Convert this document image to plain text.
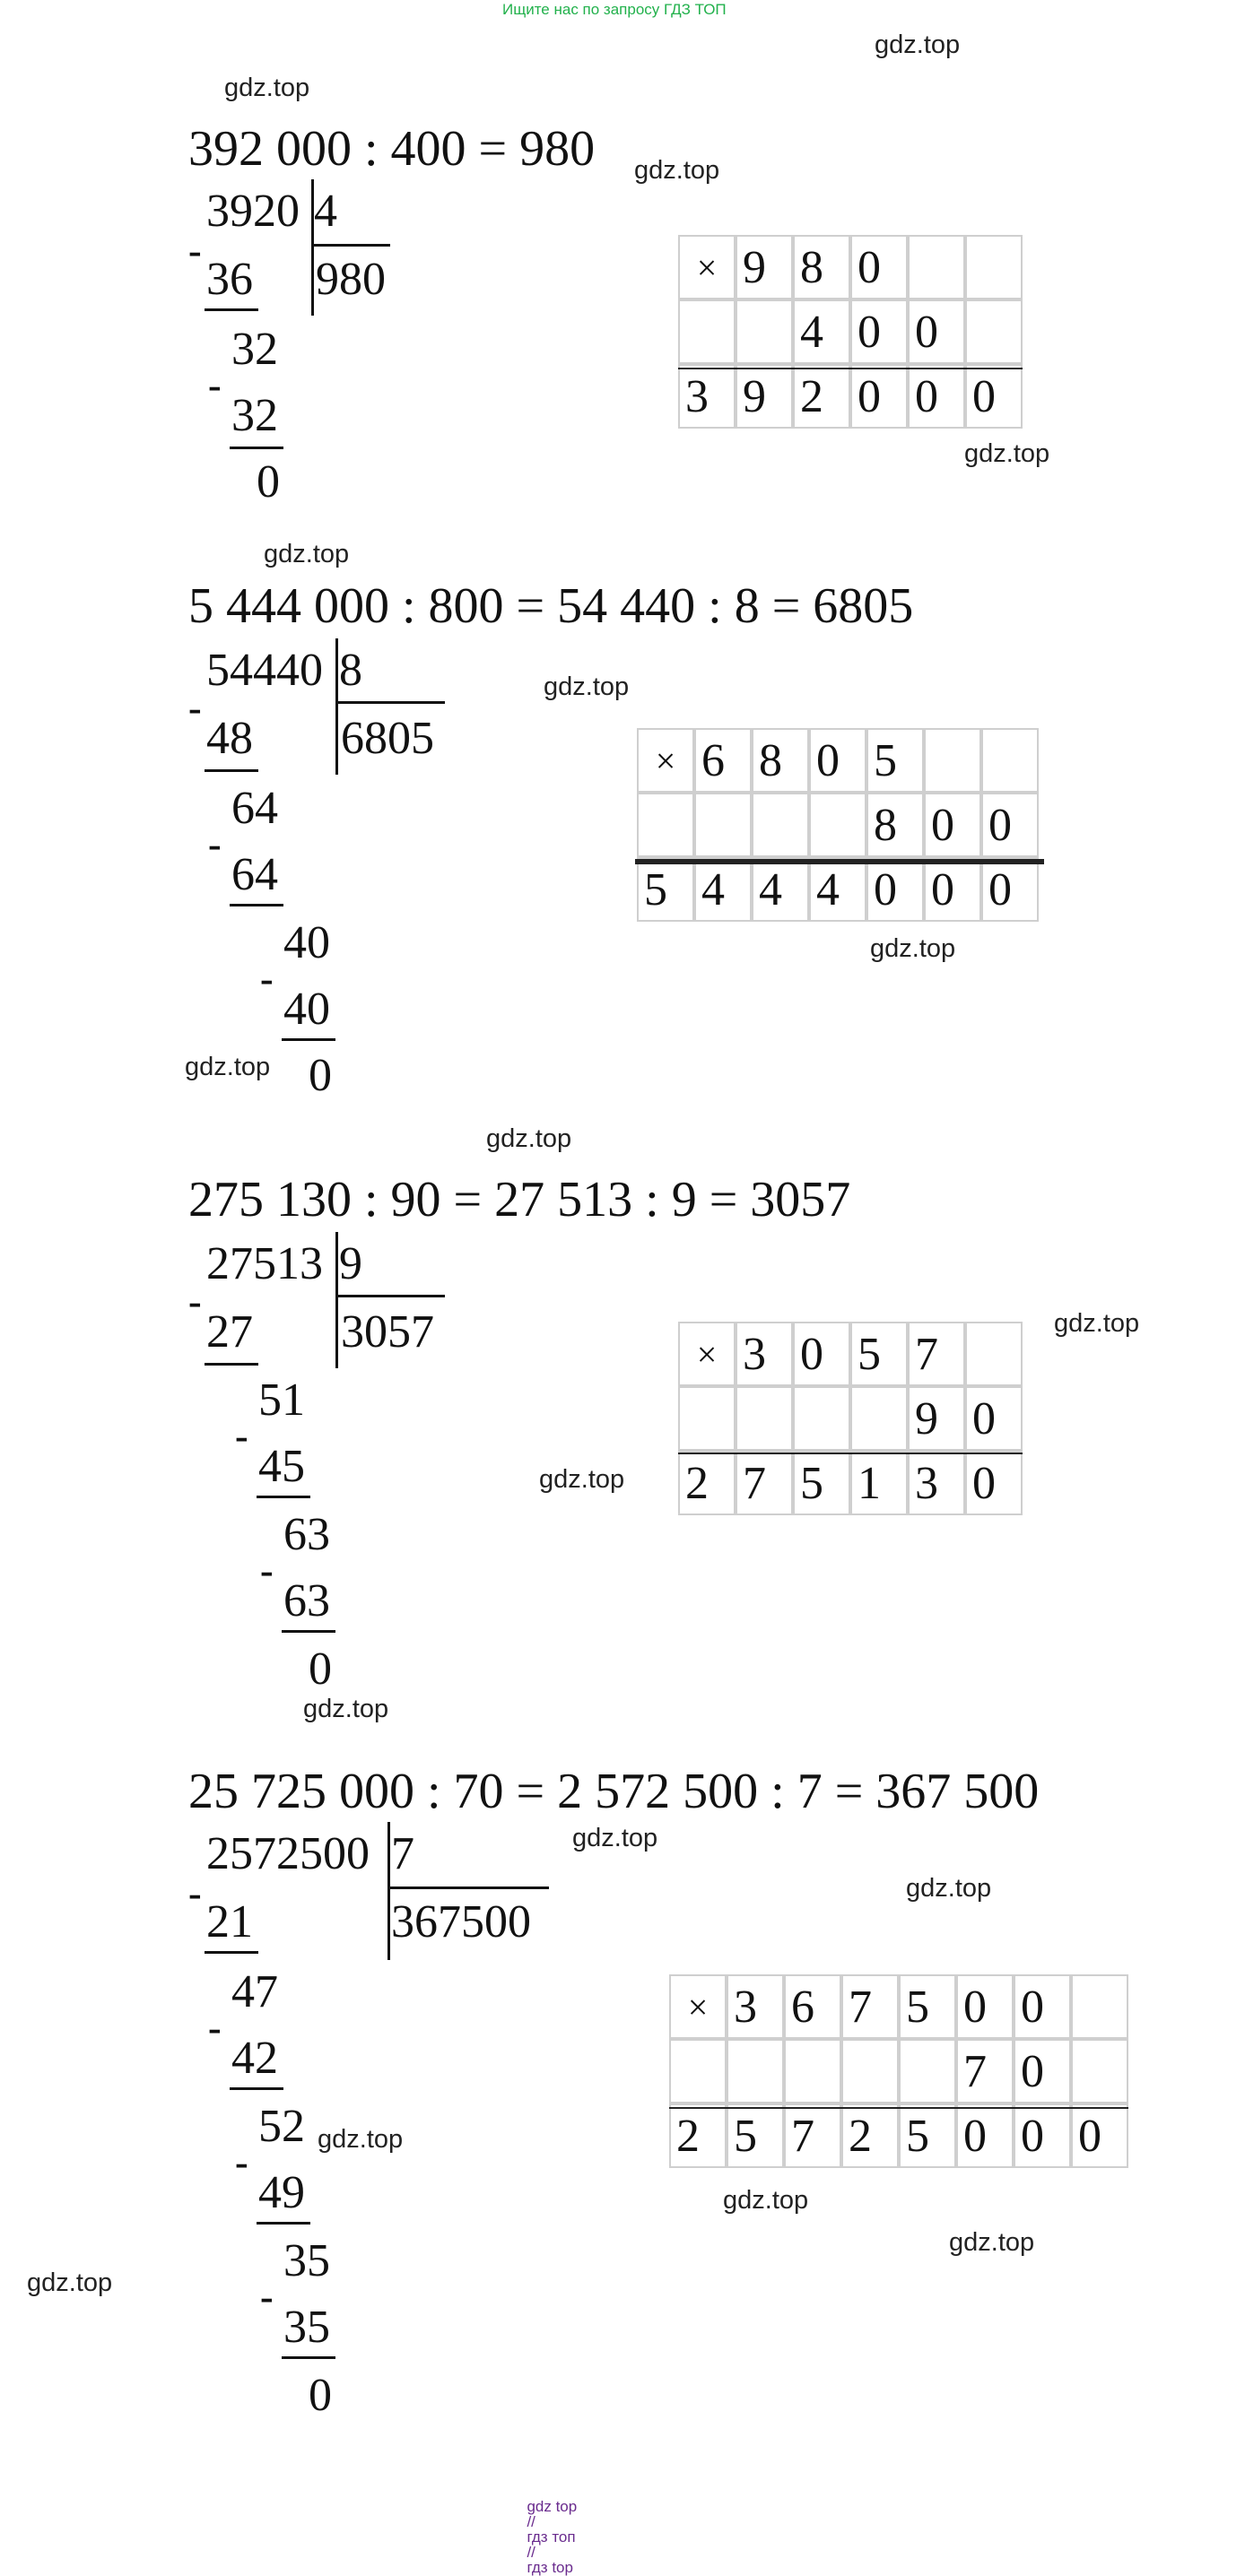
Ищите нас по запросу ГДЗ ТОП
gdz.top
gdz.top
gdz.top
gdz.top
gdz.top
gdz.top
gdz.top
gdz.top
gdz.top
gdz.top
gdz.top
gdz.top
gdz.top
gdz.top
gdz.top
gdz.top
gdz.top
gdz.top
392 000 : 400 = 980
3920 4
980
-
36
32
-
32
0
× 9 8 0
4 0 0
3 9 2 0 0 0
5 444 000 : 800 = 54 440 : 8 = 6805
54440 8
6805
-
48
64
-
64
40
-
40
0
× 6 8 0 5
8 0 0
5 4 4 4 0 0 0
275 130 : 90 = 27 513 : 9 = 3057
27513 9
3057
-
27
51
-
45
63
-
63
0
× 3 0 5 7
9 0
2 7 5 1 3 0
25 725 000 : 70 = 2 572 500 : 7 = 367 500
2572500 7
367500
-
21
47
-
42
52
-
49
35
-
35
0
× 3 6 7 5 0 0
7 0
2 5 7 2 5 0 0 0

gdz top
//
гдз топ
//
гдз top
